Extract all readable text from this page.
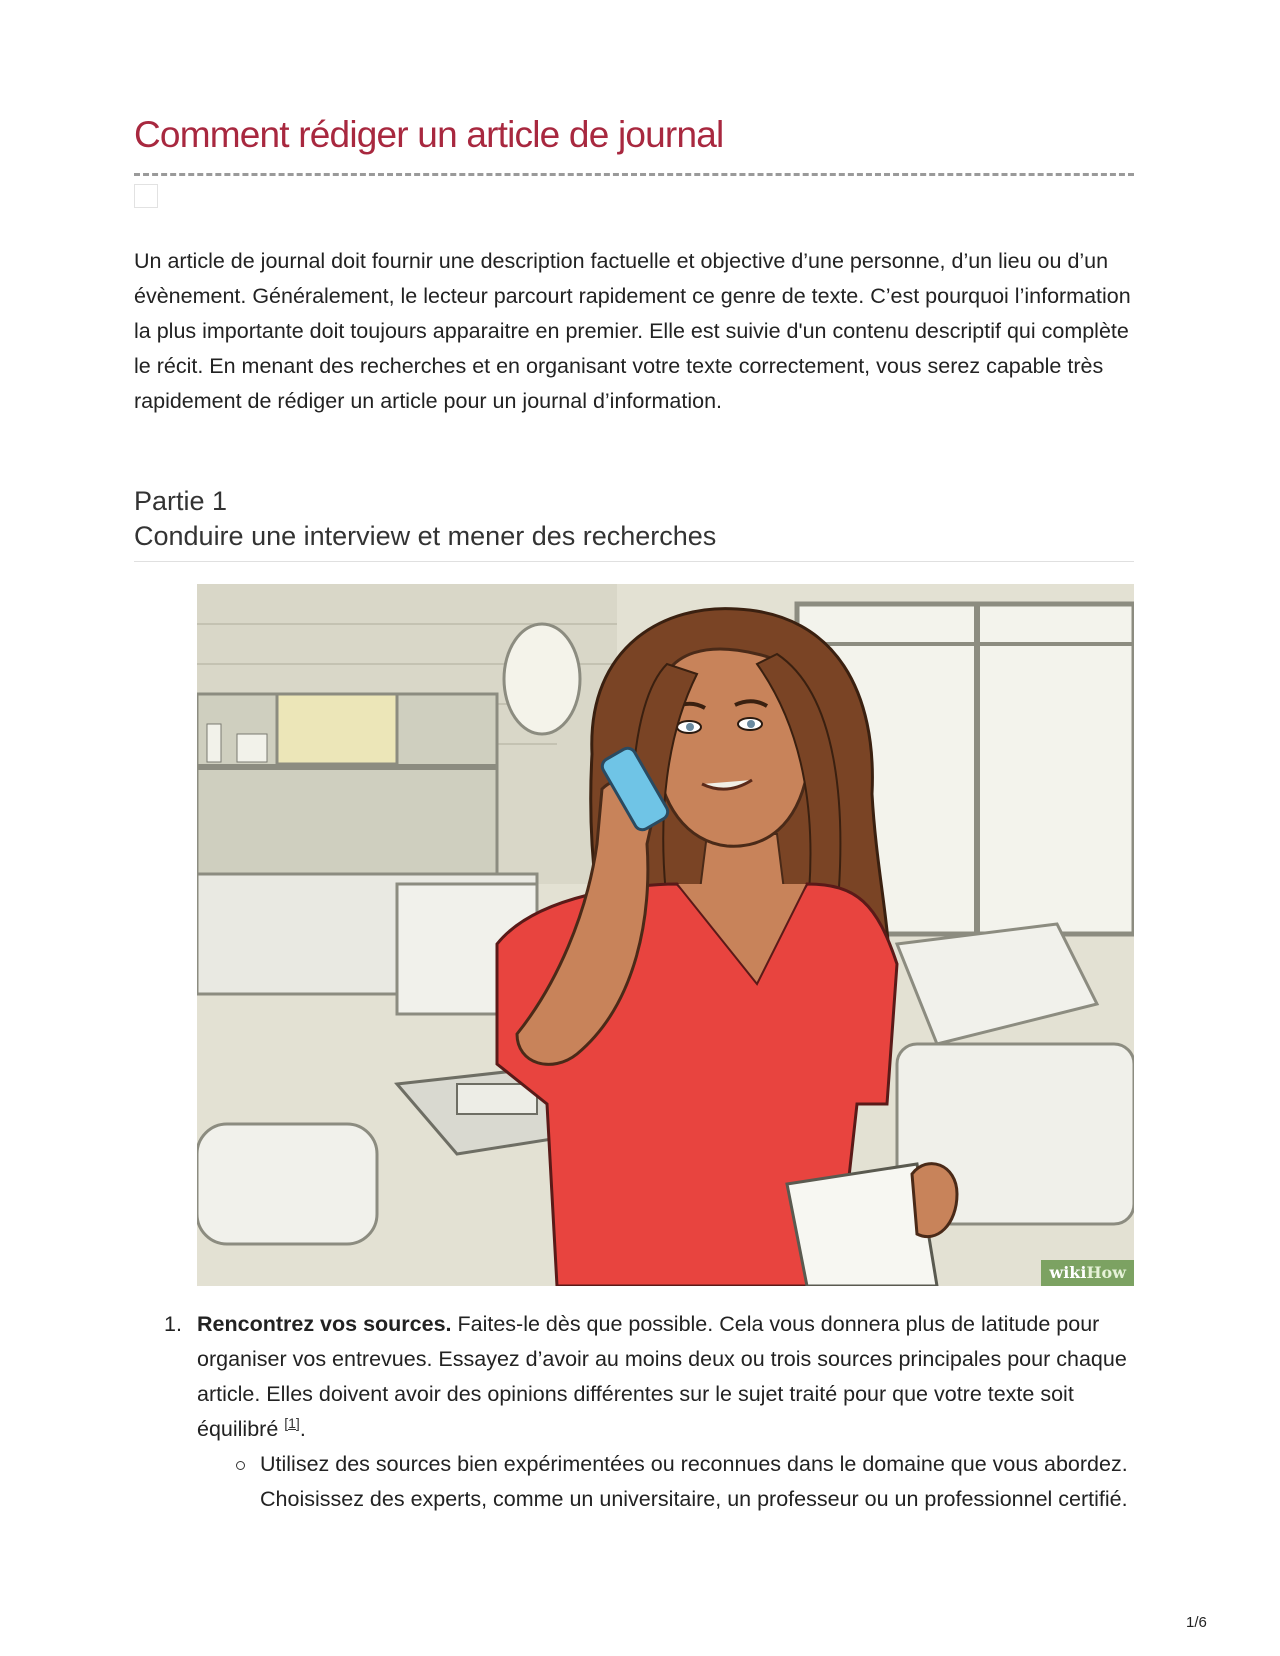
Comment rédiger un article de journal

Un article de journal doit fournir une description factuelle et objective d’une personne, d’un lieu ou d’un évènement. Généralement, le lecteur parcourt rapidement ce genre de texte. C’est pourquoi l’information la plus importante doit toujours apparaitre en premier. Elle est suivie d'un contenu descriptif qui complète le récit. En menant des recherches et en organisant votre texte correctement, vous serez capable très rapidement de rédiger un article pour un journal d’information.

Partie 1
Conduire une interview et mener des recherches
wikiHow
1. Rencontrez vos sources. Faites-le dès que possible. Cela vous donnera plus de latitude pour organiser vos entrevues. Essayez d’avoir au moins deux ou trois sources principales pour chaque article. Elles doivent avoir des opinions différentes sur le sujet traité pour que votre texte soit équilibré [1].
Utilisez des sources bien expérimentées ou reconnues dans le domaine que vous abordez. Choisissez des experts, comme un universitaire, un professeur ou un professionnel certifié.
1/6
